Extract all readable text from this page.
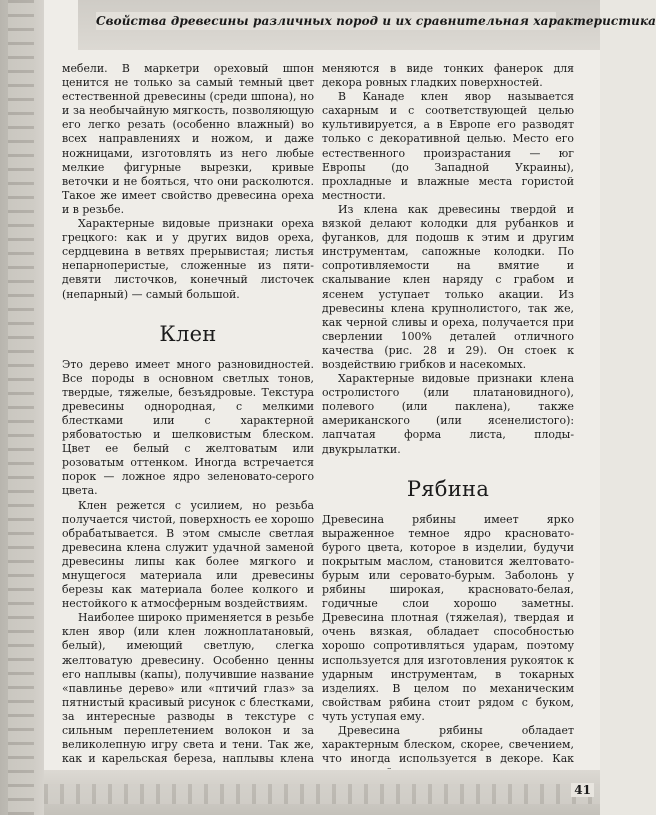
Свойства древесины различных пород и их сравнительная характеристика

мебели. В маркетри ореховый шпон ценится не только за самый темный цвет естественной древесины (среди шпона), но и за необычайную мягкость, позволяющую его легко резать (особенно влажный) во всех направлениях и ножом, и даже ножницами, изготовлять из него любые мелкие фигурные вырезки, кривые веточки и не бояться, что они расколются. Такое же имеет свойство древесина ореха и в резьбе.

Характерные видовые признаки ореха грецкого: как и у других видов ореха, сердцевина в ветвях прерывистая; листья непарноперистые, сложенные из пяти-девяти листочков, конечный листочек (непарный) — самый большой.

Клен

Это дерево имеет много разновидностей. Все породы в основном светлых тонов, твердые, тяжелые, безъядровые. Текстура древесины однородная, с мелкими блестками или с характерной рябоватостью и шелковистым блеском. Цвет ее белый с желтоватым или розоватым оттенком. Иногда встречается порок — ложное ядро зеленовато-серого цвета.

Клен режется с усилием, но резьба получается чистой, поверхность ее хорошо обрабатывается. В этом смысле светлая древесина клена служит удачной заменой древесины липы как более мягкого и мнущегося материала или древесины березы как материала более колкого и нестойкого к атмосферным воздействиям.

Наиболее широко применяется в резьбе клен явор (или клен ложноплатановый, белый), имеющий светлую, слегка желтоватую древесину. Особенно ценны его наплывы (капы), получившие название «павлинье дерево» или «птичий глаз» за пятнистый красивый рисунок с блестками, за интересные разводы в текстуре с сильным переплетением волокон и за великолепную игру света и тени. Так же, как и карельская береза, наплывы клена

меняются в виде тонких фанерок для декора ровных гладких поверхностей.

В Канаде клен явор называется сахарным и с соответствующей целью культивируется, а в Европе его разводят только с декоративной целью. Место его естественного произрастания — юг Европы (до Западной Украины), прохладные и влажные места гористой местности.

Из клена как древесины твердой и вязкой делают колодки для рубанков и фуганков, для подошв к этим и другим инструментам, сапожные колодки. По сопротивляемости на вмятие и скалывание клен наряду с грабом и ясенем уступает только акации. Из древесины клена крупнолистого, так же, как черной сливы и ореха, получается при сверлении 100% деталей отличного качества (рис. 28 и 29). Он стоек к воздействию грибков и насекомых.

Характерные видовые признаки клена остролистого (или платановидного), полевого (или паклена), также американского (или ясенелистого): лапчатая форма листа, плоды-двукрылатки.

Рябина

Древесина рябины имеет ярко выраженное темное ядро красновато-бурого цвета, которое в изделии, будучи покрытым маслом, становится желтовато-бурым или серовато-бурым. Заболонь у рябины широкая, красновато-белая, годичные слои хорошо заметны. Древесина плотная (тяжелая), твердая и очень вязкая, обладает способностью хорошо сопротивляться ударам, поэтому используется для изготовления рукояток к ударным инструментам, в токарных изделиях. В целом по механическим свойствам рябина стоит рядом с буком, чуть уступая ему.

Древесина рябины обладает характерным блеском, скорее, свечением, что иногда используется в декоре. Как

41
